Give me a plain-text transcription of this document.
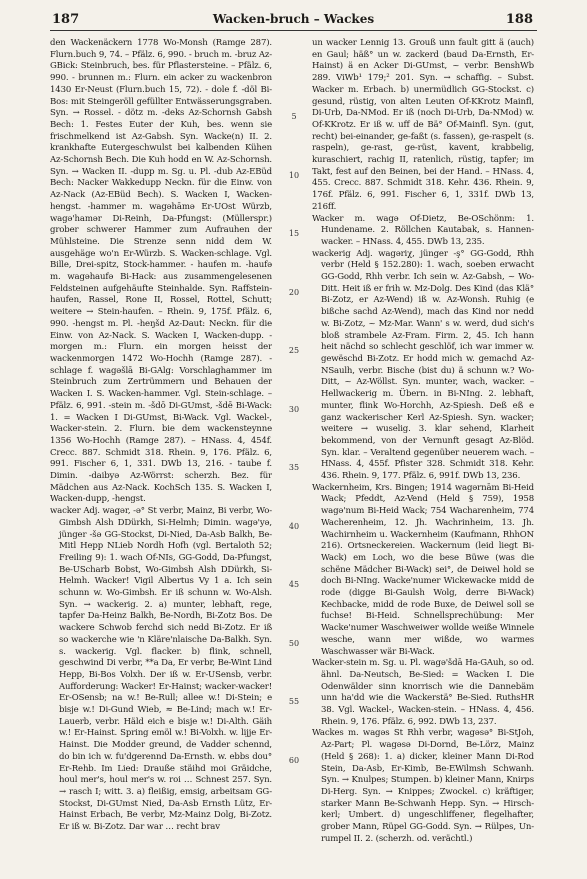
187	Wacken-bruch – Wackes	188

den Wackenäckern 1778 Wo-Monsh (Ramge 287). Flurn.buch 9, 74. – Pfälz. 6, 990. - bruch m. -bruz Az-GBick: Steinbruch, bes. für Pflastersteine. – Pfälz. 6, 990. - brunnen m.: Flurn. ein acker zu wackenbron 1430 Er-Neust (Flurn.buch 15, 72). - dole f. -döl Bi-Bos: mit Steingeröll gefüllter Entwässerungsgraben. Syn. → Rossel. - dötz m. -deks Az-Schornsh Gabsh Bech: 1. Festes Euter der Kuh, bes. wenn sie frischmelkend ist Az-Gabsh. Syn. Wacke(n) II. 2. krankhafte Eutergeschwulst bei kalbenden Kühen Az-Schornsh Bech. Die Kuh hodd en W. Az-Schornsh. Syn. → Wacken II. -dupp m. Sg. u. Pl. -dub Az-EBüd Bech: Nacker Wakkedupp Neckn. für die Einw. von Az-Nack (Az-EBüd Bech). S. Wacken I, Wacken-hengst. -hammer m. wagəhāmə Er-UOst Würzb, wagə'hamər Di-Reinh, Da-Pfungst: (Müllerspr.) grober schwerer Hammer zum Aufrauhen der Mühlsteine. Die Strenze senn nidd dem W. ausgehäge wo'n Er-Würzb. S. Wacken-schlage. Vgl. Bille, Drei-spitz, Stock-hammer. - haufen m. -haufə m. wagəhaufə Bi-Hack: aus zusammengelesenen Feldsteinen aufgehäufte Steinhalde. Syn. Raffstein-haufen, Rassel, Rone II, Rossel, Rottel, Schutt; weitere → Stein-haufen. – Rhein. 9, 175f. Pfälz. 6, 990. -hengst m. Pl. -heŋšd Az-Daut: Neckn. für die Einw. von Az-Nack. S. Wacken I, Wacken-dupp. -morgen m.: Flurn. ein morgen heisst der wackenmorgen 1472 Wo-Hochh (Ramge 287). -schlage f. wagəšlā Bi-GAlg: Vorschlaghammer im Steinbruch zum Zertrümmern und Behauen der Wacken I. S. Wacken-hammer. Vgl. Stein-schlage. – Pfälz. 6, 991. -stein m. -šdō Di-GUmst, -šdē Bi-Wack: 1. = Wacken I Di-GUmst, Bi-Wack. Vgl. Wackel-, Wacker-stein. 2. Flurn. bie dem wackensteynne 1356 Wo-Hochh (Ramge 287). – HNass. 4, 454f. Crecc. 887. Schmidt 318. Rhein. 9, 176. Pfälz. 6, 991. Fischer 6, 1, 331. DWb 13, 216. - taube f. Dimin. -daibyə Az-Wörrst: scherzh. Bez. für Mädchen aus Az-Nack. KochSch 135. S. Wacken I, Wacken-dupp, -hengst.

wacker Adj. wagər, -ə° St verbr, Mainz, Bi verbr, Wo-Gimbsh Alsh DDürkh, Si-Helmh; Dimin. wagə'yə, jünger -šə GG-Stockst, Di-Nied, Da-Asb Balkh, Be-Mitl Hepp NLieb Nordh Hofh (vgl. Bertaloth 52; Freiling 9): 1. wach Of-NIs, GG-Godd, Da-Pfungst, Be-UScharb Bobst, Wo-Gimbsh Alsh DDürkh, Si-Helmh. Wacker! Vigil Albertus Vy 1 a. Ich sein schunn w. Wo-Gimbsh. Er iß schunn w. Wo-Alsh. Syn. → wackerig. 2. a) munter, lebhaft, rege, tapfer Da-Heinz Balkh, Be-Nordh, Bi-Zotz Bos. De wackere Schwob ferchd sich nedd Bi-Zotz. Er iß so wackerche wie 'n Kläre'nlaische Da-Balkh. Syn. s. wackerig. Vgl. flacker. b) flink, schnell, geschwind Di verbr, **a Da, Er verbr, Be-Wint Lind Hepp, Bi-Bos Volxh. Der iß w. Er-USensb, verbr. Aufforderung: Wacker! Er-Hainst; wacker-wacker! Er-OSensb; na w.! Be-Rull; allee w.! Di-Stein; e bisje w.! Di-Gund Wieb, ≈ Be-Lind; mach w.! Er-Lauerb, verbr. Häld eich e bisje w.! Di-Alth. Gäih w.! Er-Hainst. Spring emöl w.! Bi-Volxh. w. lijje Er-Hainst. Die Modder greund, de Vadder schennd, do bin ich w. fu'dgerennd Da-Ernsth. w. ebbs dou° Er-Rehb. Im Lied: Drauße stäihd moi Gräidche, houl mer's, houl mer's w. roi … Schnest 257. Syn. → rasch I; witt. 3. a) fleißig, emsig, arbeitsam GG-Stockst, Di-GUmst Nied, Da-Asb Ernsth Lütz, Er-Hainst Erbach, Be verbr, Mz-Mainz Dolg, Bi-Zotz. Er iß w. Bi-Zotz. Dar war … recht brav

un wacker Lennig 13. Grouß unn fault gitt ä (auch) en Gaul; häß° un w. zackerd (baud Da-Ernsth, Er-Hainst) ä en Acker Di-GUmst, ~ verbr. BenshWb 289. ViWb¹ 179;² 201. Syn. → schaffig. – Subst. Wacker m. Erbach. b) unermüdlich GG-Stockst. c) gesund, rüstig, von alten Leuten Of-KKrotz Mainfl, Di-Urb, Da-NMod. Er iß (noch Di-Urb, Da-NMod) w. Of-KKrotz. Er iß w. uff de Bä° Of-Mainfl. Syn. (gut, recht) bei-einander, ge-faßt (s. fassen), ge-raspelt (s. raspeln), ge-rast, ge-rüst, kavent, krabbelig, kuraschiert, rachig II, ratenlich, rüstig, tapfer; im Takt, fest auf den Beinen, bei der Hand. – HNass. 4, 455. Crecc. 887. Schmidt 318. Kehr. 436. Rhein. 9, 176f. Pfälz. 6, 991. Fischer 6, 1, 331f. DWb 13, 216ff.

Wacker m. wagə Of-Dietz, Be-OSchönm: 1. Hundename. 2. Röllchen Kautabak, s. Hannen-wacker. – HNass. 4, 455. DWb 13, 235.

wackerig Adj. wagəriχ, jünger -ş° GG-Godd, Rhh verbr (Held § 152.280): 1. wach, soeben erwacht GG-Godd, Rhh verbr. Ich sein w. Az-Gabsh, ~ Wo-Ditt. Heit iß er frih w. Mz-Dolg. Des Kind (das Klä° Bi-Zotz, er Az-Wend) iß w. Az-Wonsh. Ruhig (e bißche sachd Az-Wend), mach das Kind nor nedd w. Bi-Zotz, ~ Mz-Mar. Wann' s w. werd, dud sich's bloß strambele Az-Fram. Firm. 2, 45. Ich hann heit nächd so schlecht geschlöf, ich war immer w. gewëschd Bi-Zotz. Er hodd mich w. gemachd Az-NSaulh, verbr. Bische (bist du) ä schunn w.? Wo-Ditt, ~ Az-Wöllst. Syn. munter, wach, wacker. – Hellwackerig m. Übern. in Bi-NIng. 2. lebhaft, munter, flink Wo-Horchh, Az-Spiesh. Deß eß e ganz wackerischer Kerl Az-Spiesh. Syn. wacker; weitere → wuselig. 3. klar sehend, Klarheit bekommend, von der Vernunft gesagt Az-Blöd. Syn. klar. – Veraltend gegenüber neuerem wach. – HNass. 4, 455f. Pfister 328. Schmidt 318. Kehr. 436. Rhein. 9, 177. Pfälz. 6, 991f. DWb 13, 236.

Wackernheim, Krs. Bingen; 1914 wagərnām Bi-Heid Wack; Pfeddt, Az-Vend (Held § 759), 1958 wagə'num Bi-Heid Wack; 754 Wacharenheim, 774 Wacherenheim, 12. Jh. Wachrinheim, 13. Jh. Wachirnheim u. Wackernheim (Kaufmann, RhhON 216). Ortsneckereien. Wackernum (leid liegt Bi-Wack) em Loch, wo die bese Büwe (was die schëne Mädcher Bi-Wack) sei°, de Deiwel hold se doch Bi-NIng. Wacke'numer Wickewacke midd de rode (digge Bi-Gaulsh Wolg, derre Bi-Wack) Kechbacke, midd de rode Buxe, de Deiwel soll se fuchse! Bi-Heid. Schnellsprechübung: Mer Wacke'numer Waschweiwer wollde weiße Winnele wesche, wann mer wißde, wo warmes Waschwasser wär Bi-Wack.

Wacker-stein m. Sg. u. Pl. wagə'šdā Ha-GAuh, so od. ähnl. Da-Neutsch, Be-Sied: = Wacken I. Die Odenwälder sinn knorrisch wie die Dannebäm unn ha'dd wie die Wackerstä° Be-Sied. RuthsHR 38. Vgl. Wackel-, Wacken-stein. – HNass. 4, 456. Rhein. 9, 176. Pfälz. 6, 992. DWb 13, 237.

Wackes m. wagəs St Rhh verbr, wagəsə° Bi-StJoh, Az-Part; Pl. wagəsə Di-Dornd, Be-Lörz, Mainz (Held § 268): 1. a) dicker, kleiner Mann Di-Rod Stein, Da-Asb, Er-Kimb, Be-EWilmsh Schwanh. Syn. → Knulpes; Stumpen. b) kleiner Mann, Knirps Di-Herg. Syn. → Knippes; Zwockel. c) kräftiger, starker Mann Be-Schwanh Hepp. Syn. → Hirsch-kerl; Umbert. d) ungeschliffener, flegelhafter, grober Mann, Rüpel GG-Godd. Syn. → Rülpes, Un-rumpel II. 2. (scherzh. od. verächtl.)

5
10
15
20
25
30
35
40
45
50
55
60
